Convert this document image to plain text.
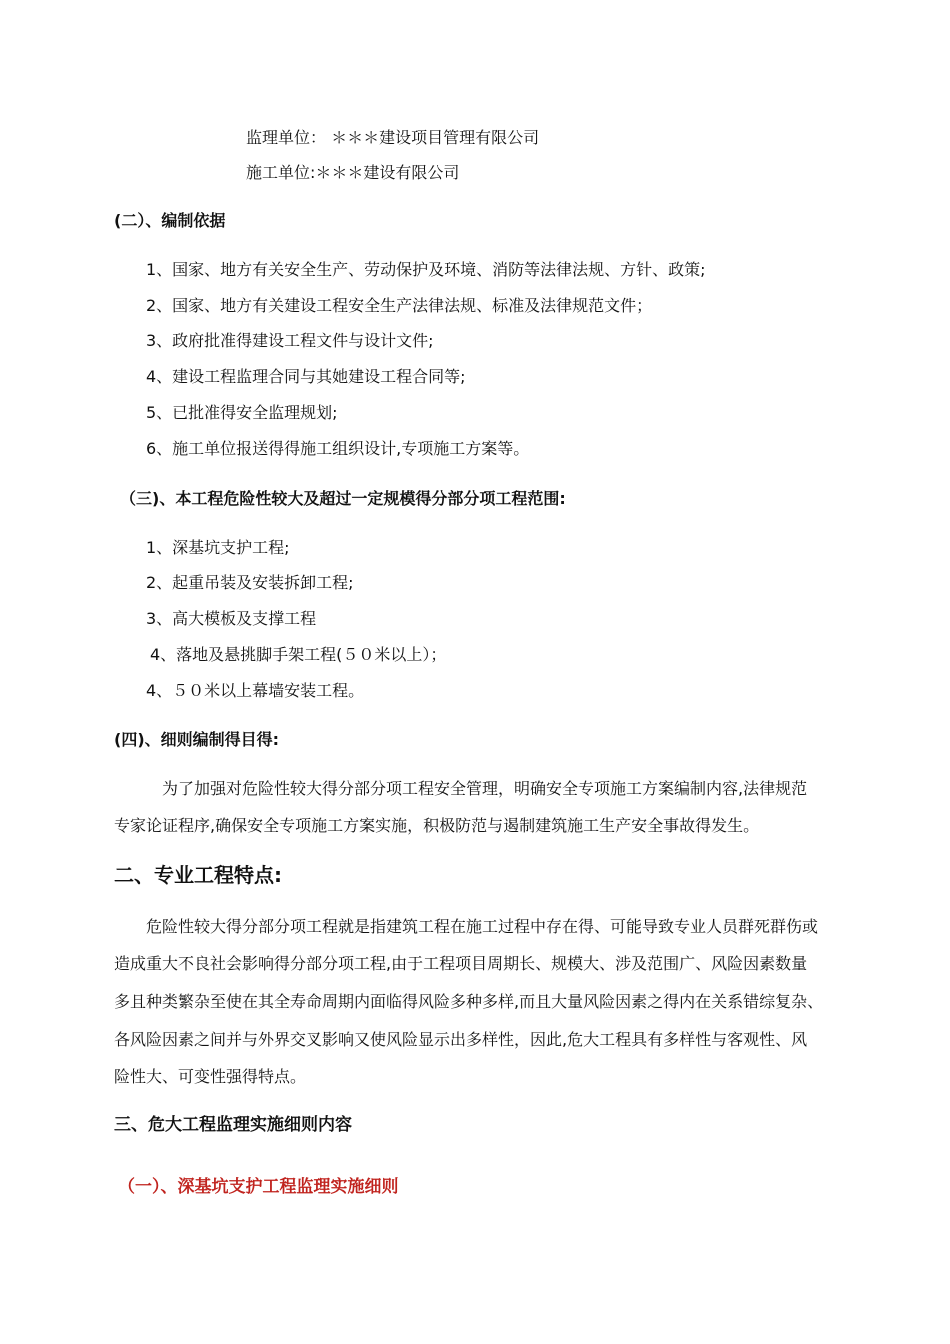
监理单位： ＊＊＊建设项目管理有限公司
施工单位:＊＊＊建设有限公司
(二）、编制依据
1、国家、地方有关安全生产、劳动保护及环境、消防等法律法规、方针、政策;
2、国家、地方有关建设工程安全生产法律法规、标准及法律规范文件；
3、政府批准得建设工程文件与设计文件;
4、建设工程监理合同与其她建设工程合同等;
5、已批准得安全监理规划;
6、施工单位报送得得施工组织设计,专项施工方案等。
（三)、本工程危险性较大及超过一定规模得分部分项工程范围:
1、深基坑支护工程;
2、起重吊装及安装拆卸工程;
3、高大模板及支撑工程
4、落地及悬挑脚手架工程(５０米以上）；
4、５０米以上幕墙安装工程。
(四)、细则编制得目得:
为了加强对危险性较大得分部分项工程安全管理，明确安全专项施工方案编制内容,法律规范
专家论证程序,确保安全专项施工方案实施，积极防范与遏制建筑施工生产安全事故得发生。
二、专业工程特点:
危险性较大得分部分项工程就是指建筑工程在施工过程中存在得、可能导致专业人员群死群伤或
造成重大不良社会影响得分部分项工程,由于工程项目周期长、规模大、涉及范围广、风险因素数量
多且种类繁杂至使在其全寿命周期内面临得风险多种多样,而且大量风险因素之得内在关系错综复杂、
各风险因素之间并与外界交叉影响又使风险显示出多样性，因此,危大工程具有多样性与客观性、风
险性大、可变性强得特点。
三、危大工程监理实施细则内容
（一）、深基坑支护工程监理实施细则
